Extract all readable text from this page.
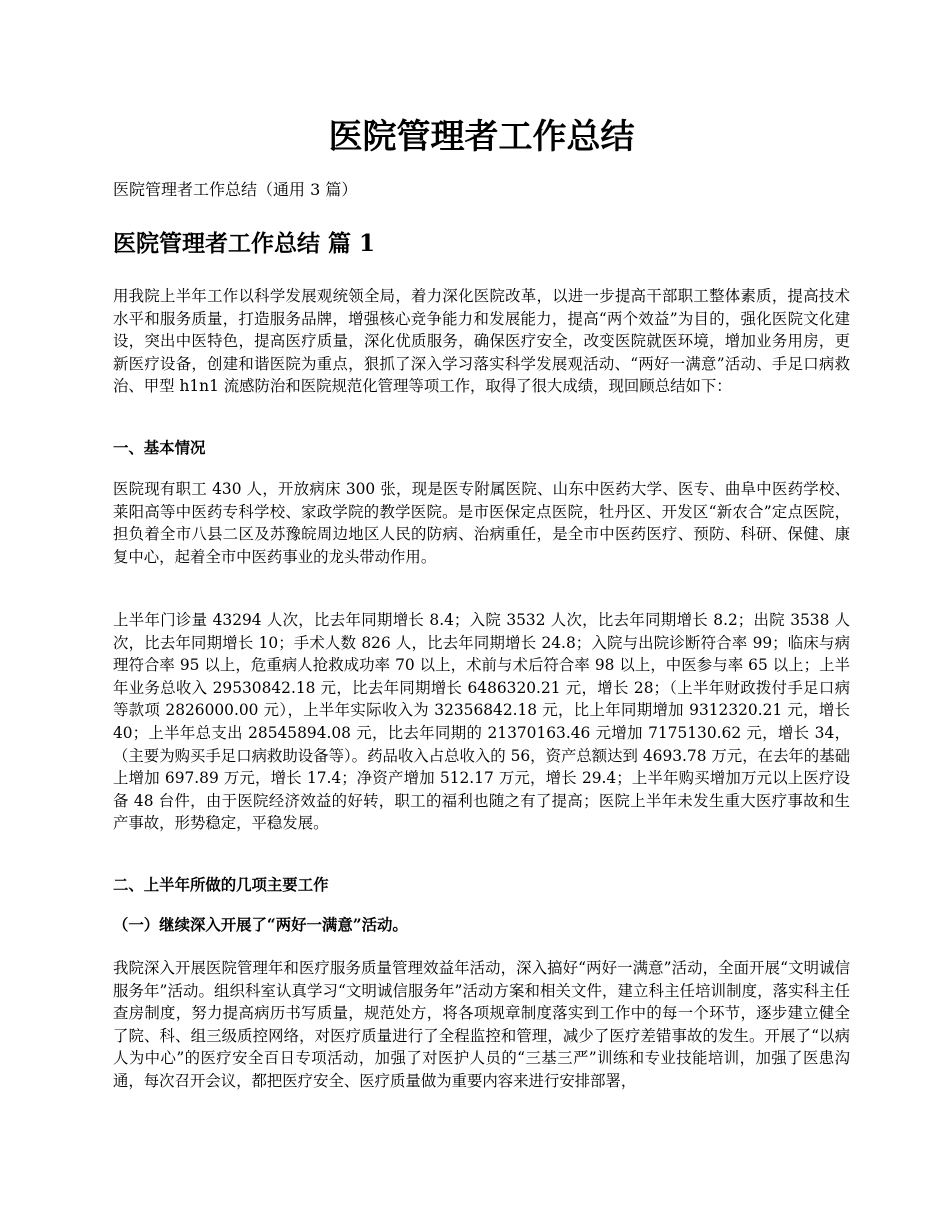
医院管理者工作总结

医院管理者工作总结（通用 3 篇）

医院管理者工作总结 篇 1

用我院上半年工作以科学发展观统领全局，着力深化医院改革，以进一步提高干部职工整体素质，提高技术水平和服务质量，打造服务品牌，增强核心竞争能力和发展能力，提高“两个效益”为目的，强化医院文化建设，突出中医特色，提高医疗质量，深化优质服务，确保医疗安全，改变医院就医环境，增加业务用房，更新医疗设备，创建和谐医院为重点，狠抓了深入学习落实科学发展观活动、“两好一满意”活动、手足口病救治、甲型 h1n1 流感防治和医院规范化管理等项工作，取得了很大成绩，现回顾总结如下：

一、基本情况

医院现有职工 430 人，开放病床 300 张，现是医专附属医院、山东中医药大学、医专、曲阜中医药学校、莱阳高等中医药专科学校、家政学院的教学医院。是市医保定点医院，牡丹区、开发区“新农合”定点医院，担负着全市八县二区及苏豫皖周边地区人民的防病、治病重任，是全市中医药医疗、预防、科研、保健、康复中心，起着全市中医药事业的龙头带动作用。

上半年门诊量 43294 人次，比去年同期增长 8.4；入院 3532 人次，比去年同期增长 8.2；出院 3538 人次，比去年同期增长 10；手术人数 826 人，比去年同期增长 24.8；入院与出院诊断符合率 99；临床与病理符合率 95 以上，危重病人抢救成功率 70 以上，术前与术后符合率 98 以上，中医参与率 65 以上；上半年业务总收入 29530842.18 元，比去年同期增长 6486320.21 元，增长 28；（上半年财政拨付手足口病等款项 2826000.00 元），上半年实际收入为 32356842.18 元，比上年同期增加 9312320.21 元，增长 40；上半年总支出 28545894.08 元，比去年同期的 21370163.46 元增加 7175130.62 元，增长 34，（主要为购买手足口病救助设备等）。药品收入占总收入的 56，资产总额达到 4693.78 万元，在去年的基础上增加 697.89 万元，增长 17.4；净资产增加 512.17 万元，增长 29.4；上半年购买增加万元以上医疗设备 48 台件，由于医院经济效益的好转，职工的福利也随之有了提高；医院上半年未发生重大医疗事故和生产事故，形势稳定，平稳发展。

二、上半年所做的几项主要工作
（一）继续深入开展了“两好一满意”活动。

我院深入开展医院管理年和医疗服务质量管理效益年活动，深入搞好“两好一满意”活动，全面开展“文明诚信服务年”活动。组织科室认真学习“文明诚信服务年”活动方案和相关文件，建立科主任培训制度，落实科主任查房制度，努力提高病历书写质量，规范处方，将各项规章制度落实到工作中的每一个环节，逐步建立健全了院、科、组三级质控网络，对医疗质量进行了全程监控和管理，减少了医疗差错事故的发生。开展了“以病人为中心”的医疗安全百日专项活动，加强了对医护人员的“三基三严”训练和专业技能培训，加强了医患沟通，每次召开会议，都把医疗安全、医疗质量做为重要内容来进行安排部署，
